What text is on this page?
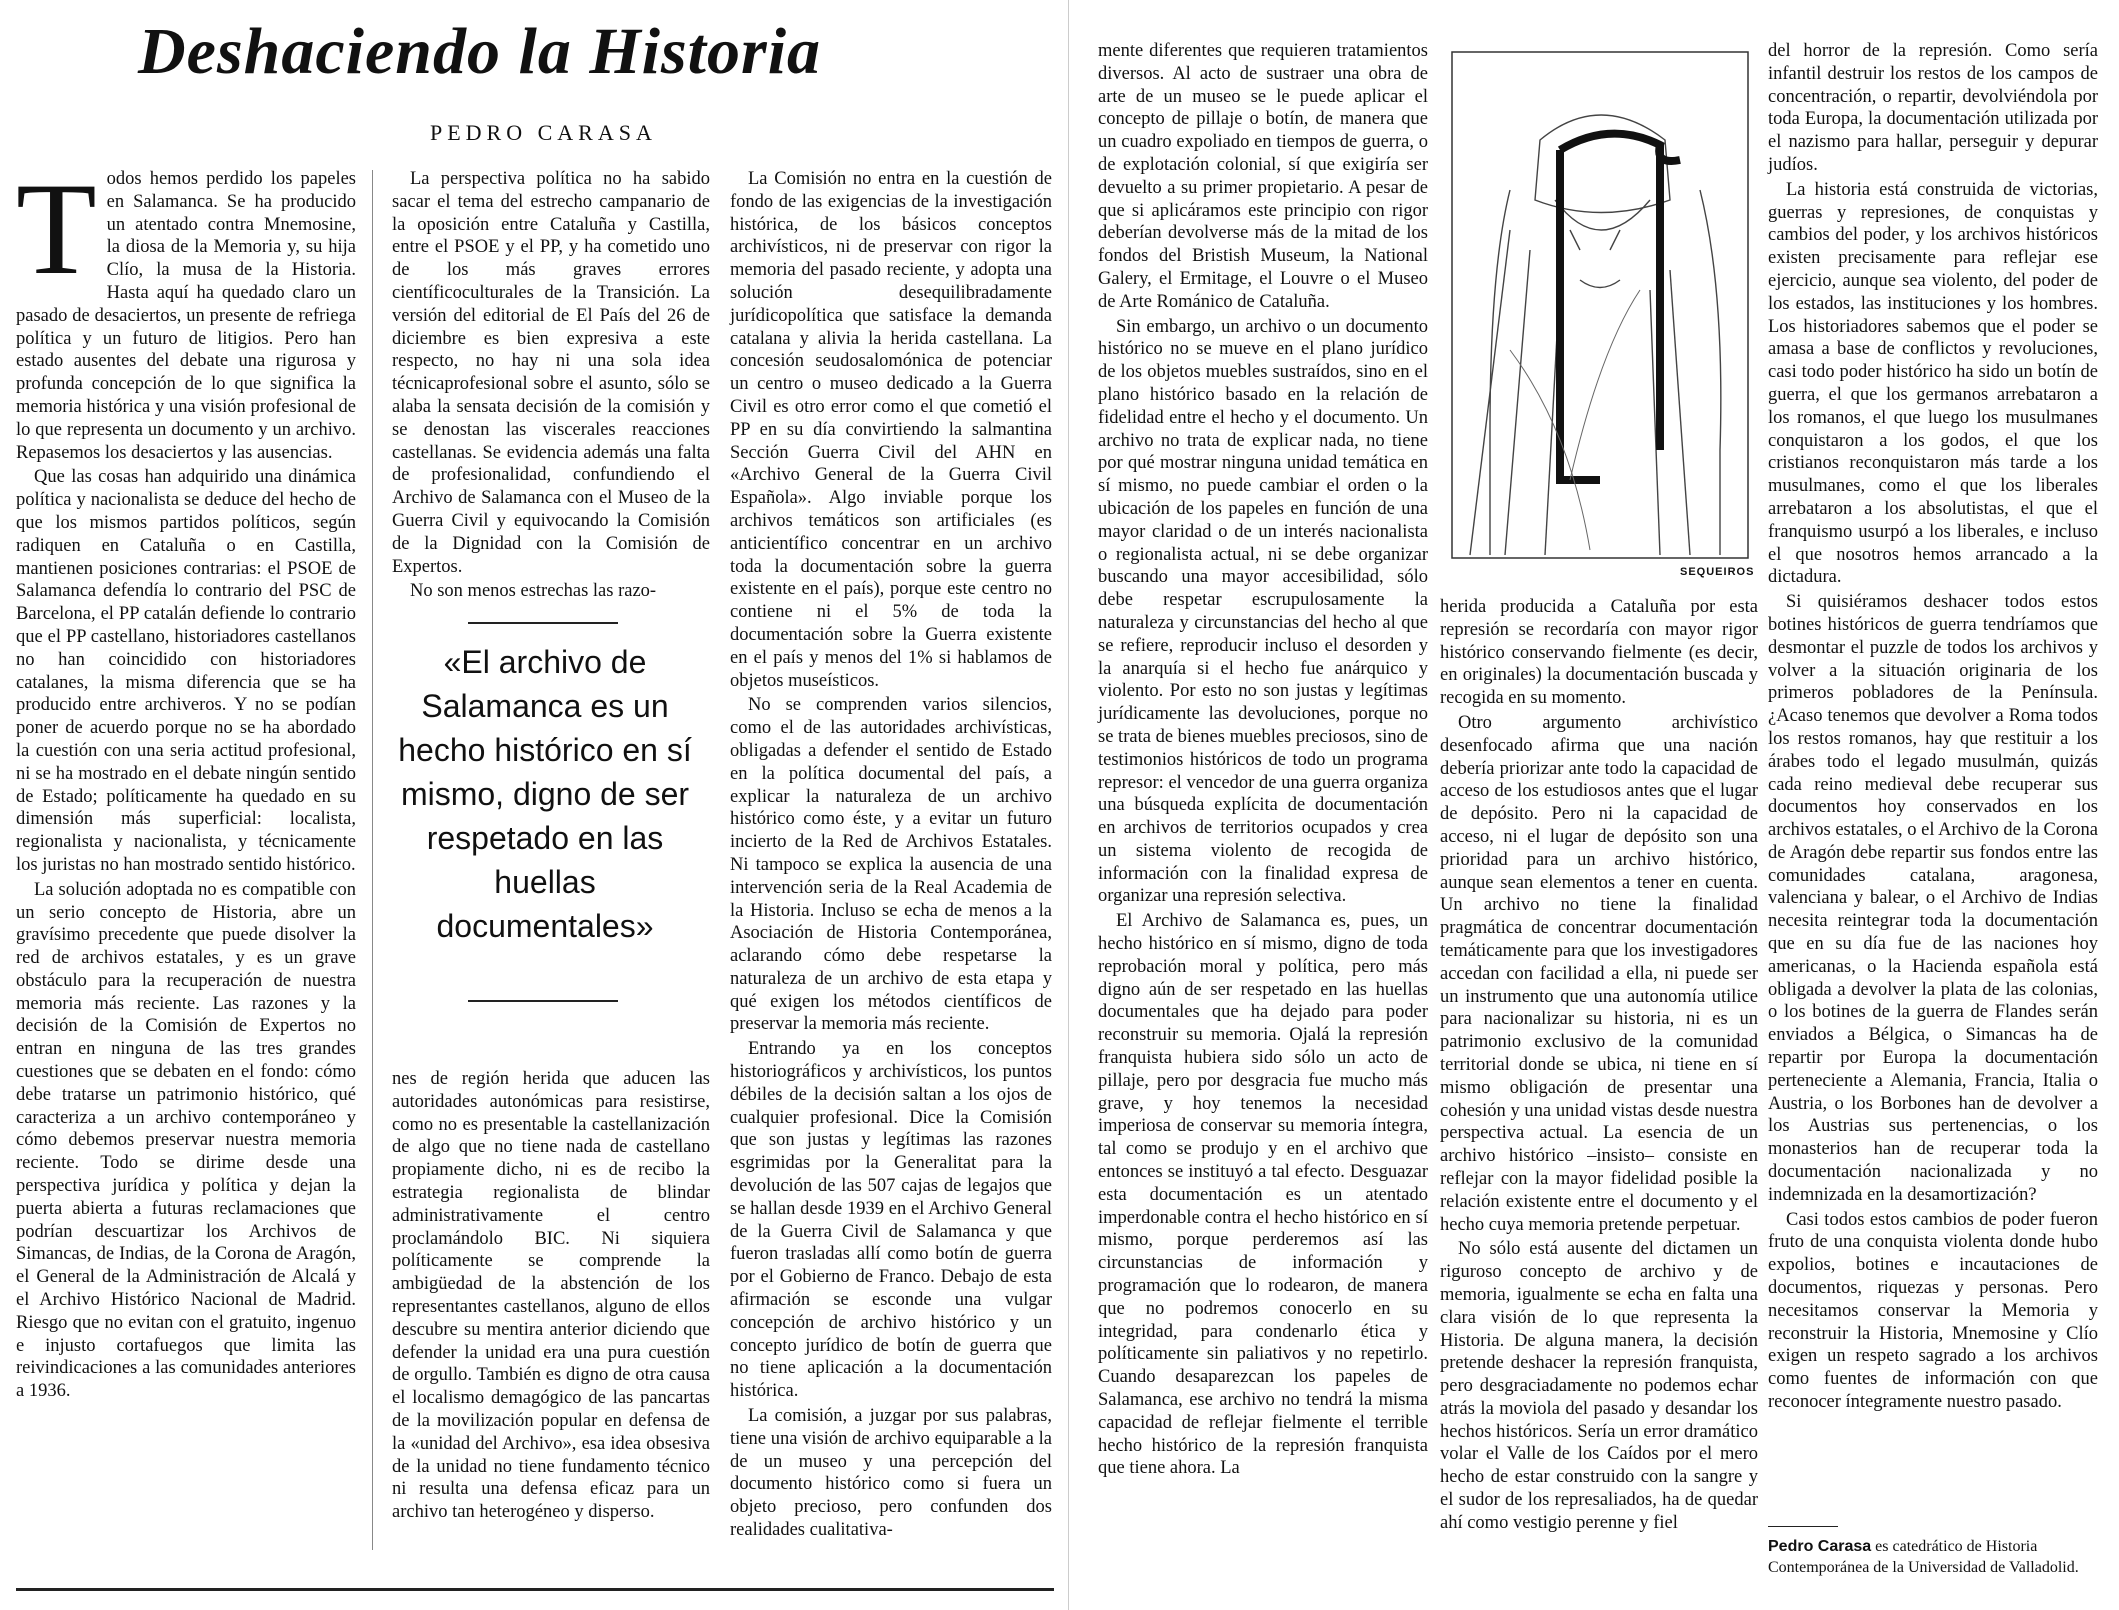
Deshaciendo la Historia
PEDRO CARASA

Todos hemos perdido los papeles en Salamanca. Se ha producido un atentado contra Mnemosine, la diosa de la Memoria y, su hija Clío, la musa de la Historia. Hasta aquí ha quedado claro un pasado de desaciertos, un presente de refriega política y un futuro de litigios. Pero han estado ausentes del debate una rigurosa y profunda concepción de lo que significa la memoria histórica y una visión profesional de lo que representa un documento y un archivo. Repasemos los desaciertos y las ausencias.

Que las cosas han adquirido una dinámica política y nacionalista se deduce del hecho de que los mismos partidos políticos, según radiquen en Cataluña o en Castilla, mantienen posiciones contrarias: el PSOE de Salamanca defendía lo contrario del PSC de Barcelona, el PP catalán defiende lo contrario que el PP castellano, historiadores castellanos no han coincidido con historiadores catalanes, la misma diferencia que se ha producido entre archiveros. Y no se podían poner de acuerdo porque no se ha abordado la cuestión con una seria actitud profesional, ni se ha mostrado en el debate ningún sentido de Estado; políticamente ha quedado en su dimensión más superficial: localista, regionalista y nacionalista, y técnicamente los juristas no han mostrado sentido histórico.

La solución adoptada no es compatible con un serio concepto de Historia, abre un gravísimo precedente que puede disolver la red de archivos estatales, y es un grave obstáculo para la recuperación de nuestra memoria más reciente. Las razones y la decisión de la Comisión de Expertos no entran en ninguna de las tres grandes cuestiones que se debaten en el fondo: cómo debe tratarse un patrimonio histórico, qué caracteriza a un archivo contemporáneo y cómo debemos preservar nuestra memoria reciente. Todo se dirime desde una perspectiva jurídica y política y dejan la puerta abierta a futuras reclamaciones que podrían descuartizar los Archivos de Simancas, de Indias, de la Corona de Aragón, el General de la Administración de Alcalá y el Archivo Histórico Nacional de Madrid. Riesgo que no evitan con el gratuito, ingenuo e injusto cortafuegos que limita las reivindicaciones a las comunidades anteriores a 1936.

La perspectiva política no ha sabido sacar el tema del estrecho campanario de la oposición entre Cataluña y Castilla, entre el PSOE y el PP, y ha cometido uno de los más graves errores científicoculturales de la Transición. La versión del editorial de El País del 26 de diciembre es bien expresiva a este respecto, no hay ni una sola idea técnicaprofesional sobre el asunto, sólo se alaba la sensata decisión de la comisión y se denostan las viscerales reacciones castellanas. Se evidencia además una falta de profesionalidad, confundiendo el Archivo de Salamanca con el Museo de la Guerra Civil y equivocando la Comisión de la Dignidad con la Comisión de Expertos.

No son menos estrechas las razo-

«El archivo de Salamanca es un hecho histórico en sí mismo, digno de ser respetado en las huellas documentales»

nes de región herida que aducen las autoridades autonómicas para resistirse, como no es presentable la castellanización de algo que no tiene nada de castellano propiamente dicho, ni es de recibo la estrategia regionalista de blindar administrativamente el centro proclamándolo BIC. Ni siquiera políticamente se comprende la ambigüedad de la abstención de los representantes castellanos, alguno de ellos descubre su mentira anterior diciendo que defender la unidad era una pura cuestión de orgullo. También es digno de otra causa el localismo demagógico de las pancartas de la movilización popular en defensa de la «unidad del Archivo», esa idea obsesiva de la unidad no tiene fundamento técnico ni resulta una defensa eficaz para un archivo tan heterogéneo y disperso.

La Comisión no entra en la cuestión de fondo de las exigencias de la investigación histórica, de los básicos conceptos archivísticos, ni de preservar con rigor la memoria del pasado reciente, y adopta una solución desequilibradamente jurídicopolítica que satisface la demanda catalana y alivia la herida castellana. La concesión seudosalomónica de potenciar un centro o museo dedicado a la Guerra Civil es otro error como el que cometió el PP en su día convirtiendo la salmantina Sección Guerra Civil del AHN en «Archivo General de la Guerra Civil Española». Algo inviable porque los archivos temáticos son artificiales (es anticientífico concentrar en un archivo toda la documentación sobre la guerra existente en el país), porque este centro no contiene ni el 5% de toda la documentación sobre la Guerra existente en el país y menos del 1% si hablamos de objetos museísticos.

No se comprenden varios silencios, como el de las autoridades archivísticas, obligadas a defender el sentido de Estado en la política documental del país, a explicar la naturaleza de un archivo histórico como éste, y a evitar un futuro incierto de la Red de Archivos Estatales. Ni tampoco se explica la ausencia de una intervención seria de la Real Academia de la Historia. Incluso se echa de menos a la Asociación de Historia Contemporánea, aclarando cómo debe respetarse la naturaleza de un archivo de esta etapa y qué exigen los métodos científicos de preservar la memoria más reciente.

Entrando ya en los conceptos historiográficos y archivísticos, los puntos débiles de la decisión saltan a los ojos de cualquier profesional. Dice la Comisión que son justas y legítimas las razones esgrimidas por la Generalitat para la devolución de las 507 cajas de legajos que se hallan desde 1939 en el Archivo General de la Guerra Civil de Salamanca y que fueron trasladas allí como botín de guerra por el Gobierno de Franco. Debajo de esta afirmación se esconde una vulgar concepción de archivo histórico y un concepto jurídico de botín de guerra que no tiene aplicación a la documentación histórica.

La comisión, a juzgar por sus palabras, tiene una visión de archivo equiparable a la de un museo y una percepción del documento histórico como si fuera un objeto precioso, pero confunden dos realidades cualitativa-

mente diferentes que requieren tratamientos diversos. Al acto de sustraer una obra de arte de un museo se le puede aplicar el concepto de pillaje o botín, de manera que un cuadro expoliado en tiempos de guerra, o de explotación colonial, sí que exigiría ser devuelto a su primer propietario. A pesar de que si aplicáramos este principio con rigor deberían devolverse más de la mitad de los fondos del Bristish Museum, la National Galery, el Ermitage, el Louvre o el Museo de Arte Románico de Cataluña.

Sin embargo, un archivo o un documento histórico no se mueve en el plano jurídico de los objetos muebles sustraídos, sino en el plano histórico basado en la relación de fidelidad entre el hecho y el documento. Un archivo no trata de explicar nada, no tiene por qué mostrar ninguna unidad temática en sí mismo, no puede cambiar el orden o la ubicación de los papeles en función de una mayor claridad o de un interés nacionalista o regionalista actual, ni se debe organizar buscando una mayor accesibilidad, sólo debe respetar escrupulosamente la naturaleza y circunstancias del hecho al que se refiere, reproducir incluso el desorden y la anarquía si el hecho fue anárquico y violento. Por esto no son justas y legítimas jurídicamente las devoluciones, porque no se trata de bienes muebles preciosos, sino de testimonios históricos de todo un programa represor: el vencedor de una guerra organiza una búsqueda explícita de documentación en archivos de territorios ocupados y crea un sistema violento de recogida de información con la finalidad expresa de organizar una represión selectiva.

El Archivo de Salamanca es, pues, un hecho histórico en sí mismo, digno de toda reprobación moral y política, pero más digno aún de ser respetado en las huellas documentales que ha dejado para poder reconstruir su memoria. Ojalá la represión franquista hubiera sido sólo un acto de pillaje, pero por desgracia fue mucho más grave, y hoy tenemos la necesidad imperiosa de conservar su memoria íntegra, tal como se produjo y en el archivo que entonces se instituyó a tal efecto. Desguazar esta documentación es un atentado imperdonable contra el hecho histórico en sí mismo, porque perderemos así las circunstancias de información y programación que lo rodearon, de manera que no podremos conocerlo en su integridad, para condenarlo ética y políticamente sin paliativos y no repetirlo. Cuando desaparezcan los papeles de Salamanca, ese archivo no tendrá la misma capacidad de reflejar fielmente el terrible hecho histórico de la represión franquista que tiene ahora. La

SEQUEIROS

herida producida a Cataluña por esta represión se recordaría con mayor rigor histórico conservando fielmente (es decir, en originales) la documentación buscada y recogida en su momento.

Otro argumento archivístico desenfocado afirma que una nación debería priorizar ante todo la capacidad de acceso de los estudiosos antes que el lugar de depósito. Pero ni la capacidad de acceso, ni el lugar de depósito son una prioridad para un archivo histórico, aunque sean elementos a tener en cuenta. Un archivo no tiene la finalidad pragmática de concentrar documentación temáticamente para que los investigadores accedan con facilidad a ella, ni puede ser un instrumento que una autonomía utilice para nacionalizar su historia, ni es un patrimonio exclusivo de la comunidad territorial donde se ubica, ni tiene en sí mismo obligación de presentar una cohesión y una unidad vistas desde nuestra perspectiva actual. La esencia de un archivo histórico –insisto– consiste en reflejar con la mayor fidelidad posible la relación existente entre el documento y el hecho cuya memoria pretende perpetuar.

No sólo está ausente del dictamen un riguroso concepto de archivo y de memoria, igualmente se echa en falta una clara visión de lo que representa la Historia. De alguna manera, la decisión pretende deshacer la represión franquista, pero desgraciadamente no podemos echar atrás la moviola del pasado y desandar los hechos históricos. Sería un error dramático volar el Valle de los Caídos por el mero hecho de estar construido con la sangre y el sudor de los represaliados, ha de quedar ahí como vestigio perenne y fiel

del horror de la represión. Como sería infantil destruir los restos de los campos de concentración, o repartir, devolviéndola por toda Europa, la documentación utilizada por el nazismo para hallar, perseguir y depurar judíos.

La historia está construida de victorias, guerras y represiones, de conquistas y cambios del poder, y los archivos históricos existen precisamente para reflejar ese ejercicio, aunque sea violento, del poder de los estados, las instituciones y los hombres. Los historiadores sabemos que el poder se amasa a base de conflictos y revoluciones, casi todo poder histórico ha sido un botín de guerra, el que los germanos arrebataron a los romanos, el que luego los musulmanes conquistaron a los godos, el que los cristianos reconquistaron más tarde a los musulmanes, como el que los liberales arrebataron a los absolutistas, el que el franquismo usurpó a los liberales, e incluso el que nosotros hemos arrancado a la dictadura.

Si quisiéramos deshacer todos estos botines históricos de guerra tendríamos que desmontar el puzzle de todos los archivos y volver a la situación originaria de los primeros pobladores de la Península. ¿Acaso tenemos que devolver a Roma todos los restos romanos, hay que restituir a los árabes todo el legado musulmán, quizás cada reino medieval debe recuperar sus documentos hoy conservados en los archivos estatales, o el Archivo de la Corona de Aragón debe repartir sus fondos entre las comunidades catalana, aragonesa, valenciana y balear, o el Archivo de Indias necesita reintegrar toda la documentación que en su día fue de las naciones hoy americanas, o la Hacienda española está obligada a devolver la plata de las colonias, o los botines de la guerra de Flandes serán enviados a Bélgica, o Simancas ha de repartir por Europa la documentación perteneciente a Alemania, Francia, Italia o Austria, o los Borbones han de devolver a los Austrias sus pertenencias, o los monasterios han de recuperar toda la documentación nacionalizada y no indemnizada en la desamortización?

Casi todos estos cambios de poder fueron fruto de una conquista violenta donde hubo expolios, botines e incautaciones de documentos, riquezas y personas. Pero necesitamos conservar la Memoria y reconstruir la Historia, Mnemosine y Clío exigen un respeto sagrado a los archivos como fuentes de información con que reconocer íntegramente nuestro pasado.

Pedro Carasa es catedrático de Historia Contemporánea de la Universidad de Valladolid.
